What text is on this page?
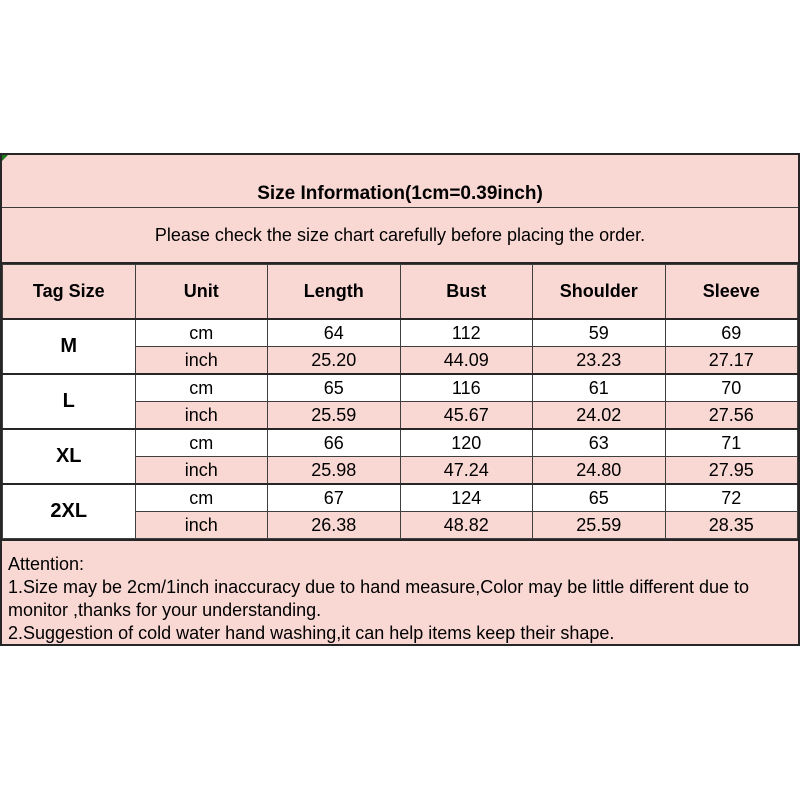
Size Information(1cm=0.39inch)
Please check the size chart carefully before placing the order.
Tag Size	Unit	Length	Bust	Shoulder	Sleeve
M	cm	64	112	59	69
	inch	25.20	44.09	23.23	27.17
L	cm	65	116	61	70
	inch	25.59	45.67	24.02	27.56
XL	cm	66	120	63	71
	inch	25.98	47.24	24.80	27.95
2XL	cm	67	124	65	72
	inch	26.38	48.82	25.59	28.35
Attention:
1.Size may be 2cm/1inch inaccuracy due to hand measure,Color may be little different due to
monitor ,thanks for your understanding.
2.Suggestion of cold water hand washing,it can help items keep their shape.
